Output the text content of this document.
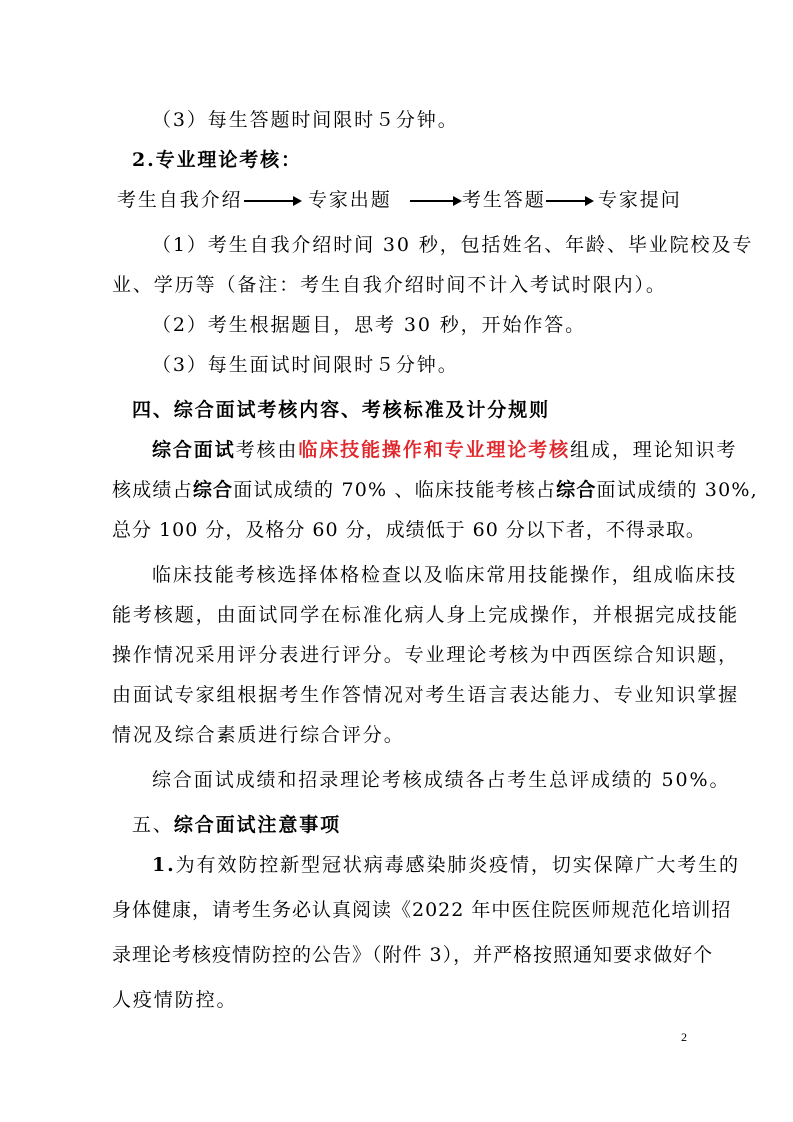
（3）每生答题时间限时５分钟。
2.专业理论考核：
考生自我介绍	专家出题	考生答题	专家提问
（1）考生自我介绍时间 30 秒，包括姓名、年龄、毕业院校及专
业、学历等（备注：考生自我介绍时间不计入考试时限内）。
（2）考生根据题目，思考 30 秒，开始作答。
（3）每生面试时间限时５分钟。
四、综合面试考核内容、考核标准及计分规则
综合面试考核由临床技能操作和专业理论考核组成，理论知识考
核成绩占综合面试成绩的 70% 、临床技能考核占综合面试成绩的 30%,
总分 100 分，及格分 60 分，成绩低于 60 分以下者，不得录取。
临床技能考核选择体格检查以及临床常用技能操作，组成临床技
能考核题，由面试同学在标准化病人身上完成操作，并根据完成技能
操作情况采用评分表进行评分。专业理论考核为中西医综合知识题，
由面试专家组根据考生作答情况对考生语言表达能力、专业知识掌握
情况及综合素质进行综合评分。
综合面试成绩和招录理论考核成绩各占考生总评成绩的 50%。
五、综合面试注意事项
1.为有效防控新型冠状病毒感染肺炎疫情，切实保障广大考生的
身体健康，请考生务必认真阅读《2022 年中医住院医师规范化培训招
录理论考核疫情防控的公告》（附件 3），并严格按照通知要求做好个
人疫情防控。
2
